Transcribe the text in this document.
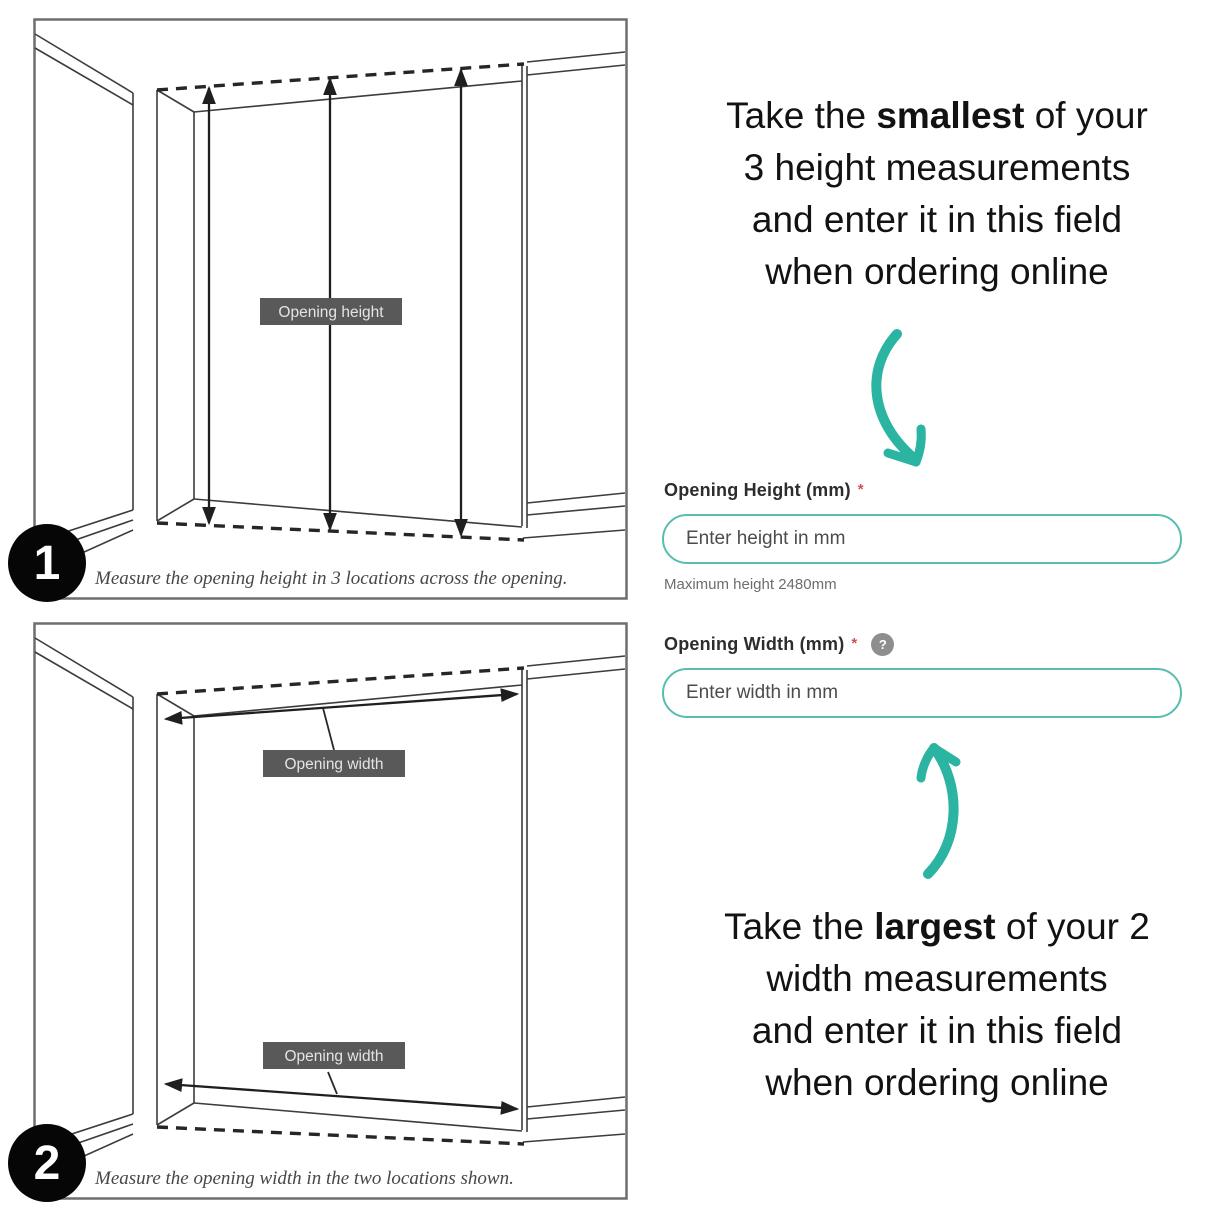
Opening height
Measure the opening height in 3 locations across the opening.
Opening width
Opening width
Measure the opening width in the two locations shown.
1
2
Take the smallest of your
3 height measurements
and enter it in this field
when ordering online
Opening Height (mm) *
Enter height in mm
Maximum height 2480mm
Opening Width (mm) *	?
Enter width in mm
Take the largest of your 2
width measurements
and enter it in this field
when ordering online
